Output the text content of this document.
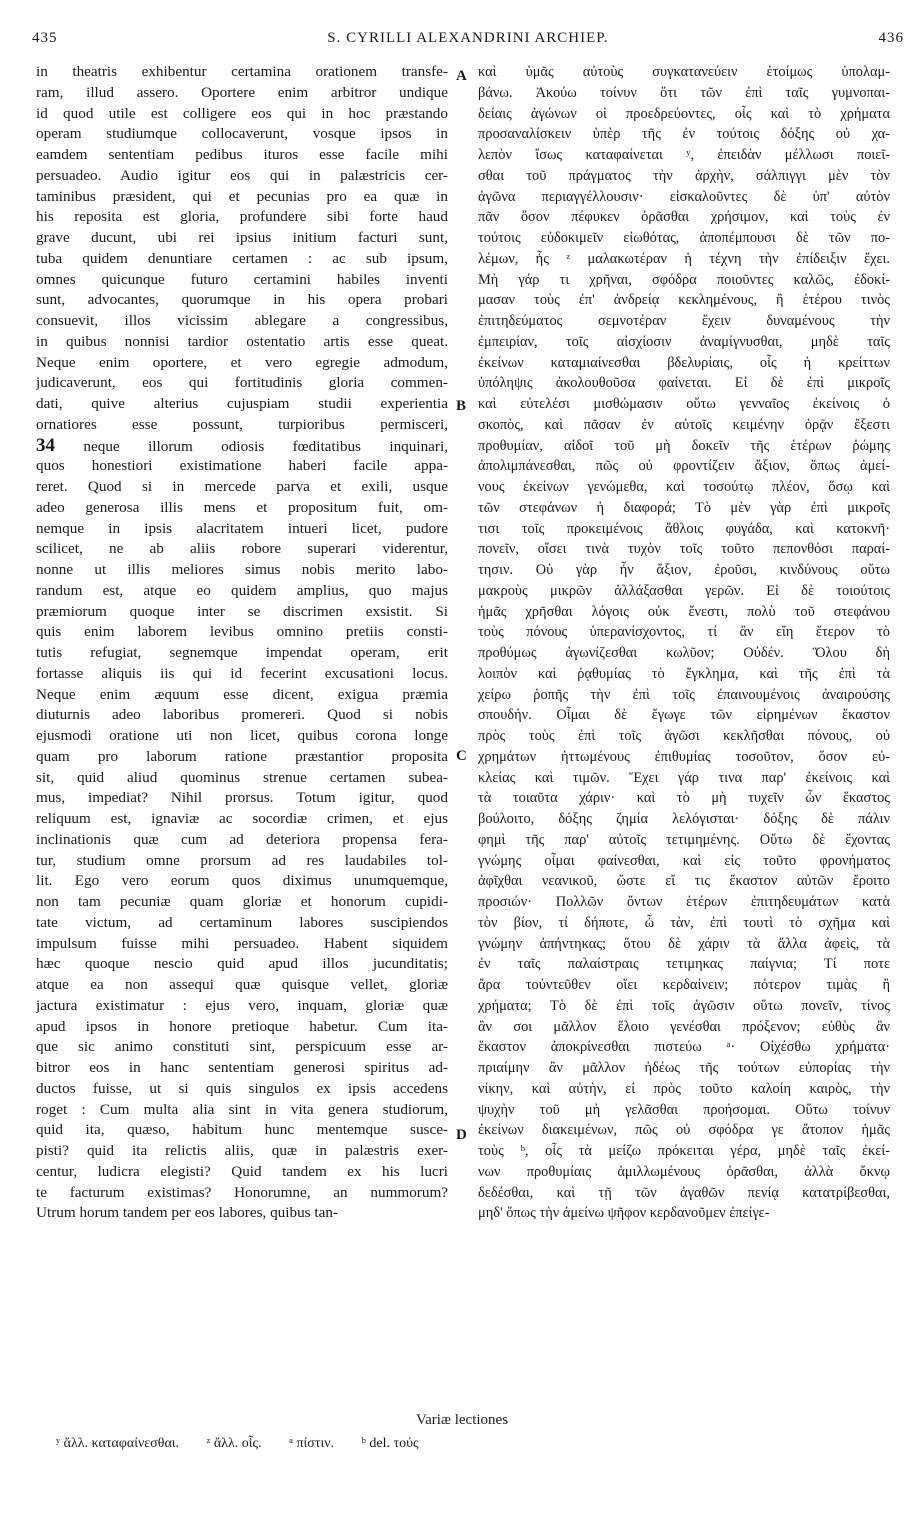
435	S. CYRILLI ALEXANDRINI ARCHIEP.	436
in theatris exhibentur certamina orationem transfe-
ram, illud assero. Oportere enim arbitror undique
id quod utile est colligere eos qui in hoc præstando
operam studiumque collocaverunt, vosque ipsos in
eamdem sententiam pedibus ituros esse facile mihi
persuadeo. Audio igitur eos qui in palæstricis cer-
taminibus præsident, qui et pecunias pro ea quæ in
his reposita est gloria, profundere sibi forte haud
grave ducunt, ubi rei ipsius initium facturi sunt,
tuba quidem denuntiare certamen : ac sub ipsum,
omnes quicunque futuro certamini habiles inventi
sunt, advocantes, quorumque in his opera probari
consuevit, illos vicissim ablegare a congressibus,
in quibus nonnisi tardior ostentatio artis esse queat.
Neque enim oportere, et vero egregie admodum,
judicaverunt, eos qui fortitudinis gloria commen-
dati, quive alterius cujuspiam studii experientia
ornatiores esse possunt, turpioribus permisceri,
34 neque illorum odiosis fœditatibus inquinari,
quos honestiori existimatione haberi facile appa-
reret. Quod si in mercede parva et exili, usque
adeo generosa illis mens et propositum fuit, om-
nemque in ipsis alacritatem intueri licet, pudore
scilicet, ne ab aliis robore superari viderentur,
nonne ut illis meliores simus nobis merito labo-
randum est, atque eo quidem amplius, quo majus
præmiorum quoque inter se discrimen exsistit. Si
quis enim laborem levibus omnino pretiis consti-
tutis refugiat, segnemque impendat operam, erit
fortasse aliquis iis qui id fecerint excusationi locus.
Neque enim æquum esse dicent, exigua præmia
diuturnis adeo laboribus promereri. Quod si nobis
ejusmodi oratione uti non licet, quibus corona longe
quam pro laborum ratione præstantior proposita
sit, quid aliud quominus strenue certamen subea-
mus, impediat? Nihil prorsus. Totum igitur, quod
reliquum est, ignaviæ ac socordiæ crimen, et ejus
inclinationis quæ cum ad deteriora propensa fera-
tur, studium omne prorsum ad res laudabiles tol-
lit. Ego vero eorum quos diximus unumquemque,
non tam pecuniæ quam gloriæ et honorum cupidi-
tate victum, ad certaminum labores suscipiendos
impulsum fuisse mihi persuadeo. Habent siquidem
hæc quoque nescio quid apud illos jucunditatis;
atque ea non assequi quæ quisque vellet, gloriæ
jactura existimatur : ejus vero, inquam, gloriæ quæ
apud ipsos in honore pretioque habetur. Cum ita-
que sic animo constituti sint, perspicuum esse ar-
bitror eos in hanc sententiam generosi spiritus ad-
ductos fuisse, ut si quis singulos ex ipsis accedens
roget : Cum multa alia sint in vita genera studiorum,
quid ita, quæso, habitum hunc mentemque susce-
pisti? quid ita relictis aliis, quæ in palæstris exer-
centur, ludicra elegisti? Quid tandem ex his lucri
te facturum existimas? Honorumne, an nummorum?
Utrum horum tandem per eos labores, quibus tan-
καὶ ὑμᾶς αὐτοὺς συγκατανεύειν ἑτοίμως ὑπολαμ-
βάνω. Ἀκούω τοίνυν ὅτι τῶν ἐπὶ ταῖς γυμνοπαι-
δείαις ἀγώνων οἱ προεδρεύοντες, οἷς καὶ τὸ χρήματα
προσαναλίσκειν ὑπὲρ τῆς ἐν τούτοις δόξης οὐ χα-
λεπὸν ἴσως καταφαίνεται ʸ, ἐπειδὰν μέλλωσι ποιεῖ-
σθαι τοῦ πράγματος τὴν ἀρχὴν, σάλπιγγι μὲν τὸν
ἀγῶνα περιαγγέλλουσιν· εἰσκαλοῦντες δὲ ὑπ' αὐτὸν
πᾶν ὅσον πέφυκεν ὁρᾶσθαι χρήσιμον, καὶ τοὺς ἐν
τούτοις εὐδοκιμεῖν εἰωθότας, ἀποπέμπουσι δὲ τῶν πο-
λέμων, ἧς ᶻ μαλακωτέραν ἡ τέχνη τὴν ἐπίδειξιν ἔχει.
Μὴ γάρ τι χρῆναι, σφόδρα ποιοῦντες καλῶς, ἐδοκί-
μασαν τοὺς ἐπ' ἀνδρείᾳ κεκλημένους, ἢ ἑτέρου τινὸς
ἐπιτηδεύματος σεμνοτέραν ἔχειν δυναμένους τὴν
ἐμπειρίαν, τοῖς αἰσχίοσιν ἀναμίγνυσθαι, μηδὲ ταῖς
ἐκείνων καταμιαίνεσθαι βδελυρίαις, οἷς ἡ κρείττων
ὑπόληψις ἀκολουθοῦσα φαίνεται. Εἰ δὲ ἐπὶ μικροῖς
καὶ εὐτελέσι μισθώμασιν οὕτω γενναῖος ἐκείνοις ὁ
σκοπὸς, καὶ πᾶσαν ἐν αὐτοῖς κειμένην ὁρᾷν ἔξεστι
προθυμίαν, αἰδοῖ τοῦ μὴ δοκεῖν τῆς ἑτέρων ῥώμης
ἀπολιμπάνεσθαι, πῶς οὐ φροντίζειν ἄξιον, ὅπως ἀμεί-
νους ἐκείνων γενώμεθα, καὶ τοσούτῳ πλέον, ὅσῳ καὶ
τῶν στεφάνων ἡ διαφορά; Τὸ μὲν γὰρ ἐπὶ μικροῖς
τισι τοῖς προκειμένοις ἄθλοις φυγάδα, καὶ κατοκνῆ·
πονεῖν, οἴσει τινὰ τυχὸν τοῖς τοῦτο πεπονθόσι παραί-
τησιν. Οὐ γὰρ ἦν ἄξιον, ἐροῦσι, κινδύνους οὕτω
μακροὺς μικρῶν ἀλλάξασθαι γερῶν. Εἰ δὲ τοιούτοις
ἡμᾶς χρῆσθαι λόγοις οὐκ ἔνεστι, πολὺ τοῦ στεφάνου
τοὺς πόνους ὑπερανίσχοντος, τί ἂν εἴη ἕτερον τὸ
προθύμως ἀγωνίζεσθαι κωλῦον; Οὐδέν. Ὅλου δὴ
λοιπὸν καὶ ῥᾳθυμίας τὸ ἔγκλημα, καὶ τῆς ἐπὶ τὰ
χείρω ῥοπῆς τὴν ἐπὶ τοῖς ἐπαινουμένοις ἀναιρούσης
σπουδήν. Οἶμαι δὲ ἔγωγε τῶν εἰρημένων ἕκαστον
πρὸς τοὺς ἐπὶ τοῖς ἀγῶσι κεκλῆσθαι πόνους, οὐ
χρημάτων ἡττωμένους ἐπιθυμίας τοσοῦτον, ὅσον εὐ-
κλείας καὶ τιμῶν. Ἔχει γάρ τινα παρ' ἐκείνοις καὶ
τὰ τοιαῦτα χάριν· καὶ τὸ μὴ τυχεῖν ὧν ἕκαστος
βούλοιτο, δόξης ζημία λελόγισται· δόξης δὲ πάλιν
φημὶ τῆς παρ' αὐτοῖς τετιμημένης. Οὕτω δὲ ἔχοντας
γνώμης οἶμαι φαίνεσθαι, καὶ εἰς τοῦτο φρονήματος
ἀφῖχθαι νεανικοῦ, ὥστε εἴ τις ἕκαστον αὐτῶν ἔροιτο
προσιών· Πολλῶν ὄντων ἑτέρων ἐπιτηδευμάτων κατὰ
τὸν βίον, τί δήποτε, ὦ τὰν, ἐπὶ τουτὶ τὸ σχῆμα καὶ
γνώμην ἀπήντηκας; ὅτου δὲ χάριν τὰ ἄλλα ἀφεὶς, τὰ
ἐν ταῖς παλαίστραις τετιμηκας παίγνια; Τί ποτε
ἄρα τοὐντεῦθεν οἴει κερδαίνειν; πότερον τιμὰς ἢ
χρήματα; Τὸ δὲ ἐπὶ τοῖς ἀγῶσιν οὕτω πονεῖν, τίνος
ἂν σοι μᾶλλον ἕλοιο γενέσθαι πρόξενον; εὐθὺς ἂν
ἕκαστον ἀποκρίνεσθαι πιστεύω ᵃ· Οἰχέσθω χρήματα·
πριαίμην ἂν μᾶλλον ἡδέως τῆς τούτων εὐπορίας τὴν
νίκην, καὶ αὐτὴν, εἰ πρὸς τοῦτο καλοίη καιρὸς, τὴν
ψυχὴν τοῦ μὴ γελᾶσθαι προήσομαι. Οὕτω τοίνυν
ἐκείνων διακειμένων, πῶς οὐ σφόδρα γε ἄτοπον ἡμᾶς
τοὺς ᵇ, οἷς τὰ μείζω πρόκειται γέρα, μηδὲ ταῖς ἐκεί-
νων προθυμίαις ἁμιλλωμένους ὁρᾶσθαι, ἀλλὰ ὄκνῳ
δεδέσθαι, καὶ τῇ τῶν ἀγαθῶν πενίᾳ κατατρίβεσθαι,
μηδ' ὅπως τὴν ἀμείνω ψῆφον κερδανοῦμεν ἐπείγε-
A
B
C
D
Variæ lectiones
ʸ ἄλλ. καταφαίνεσθαι. ᶻ ἄλλ. οἷς. ᵃ πίστιν. ᵇ del. τούς
